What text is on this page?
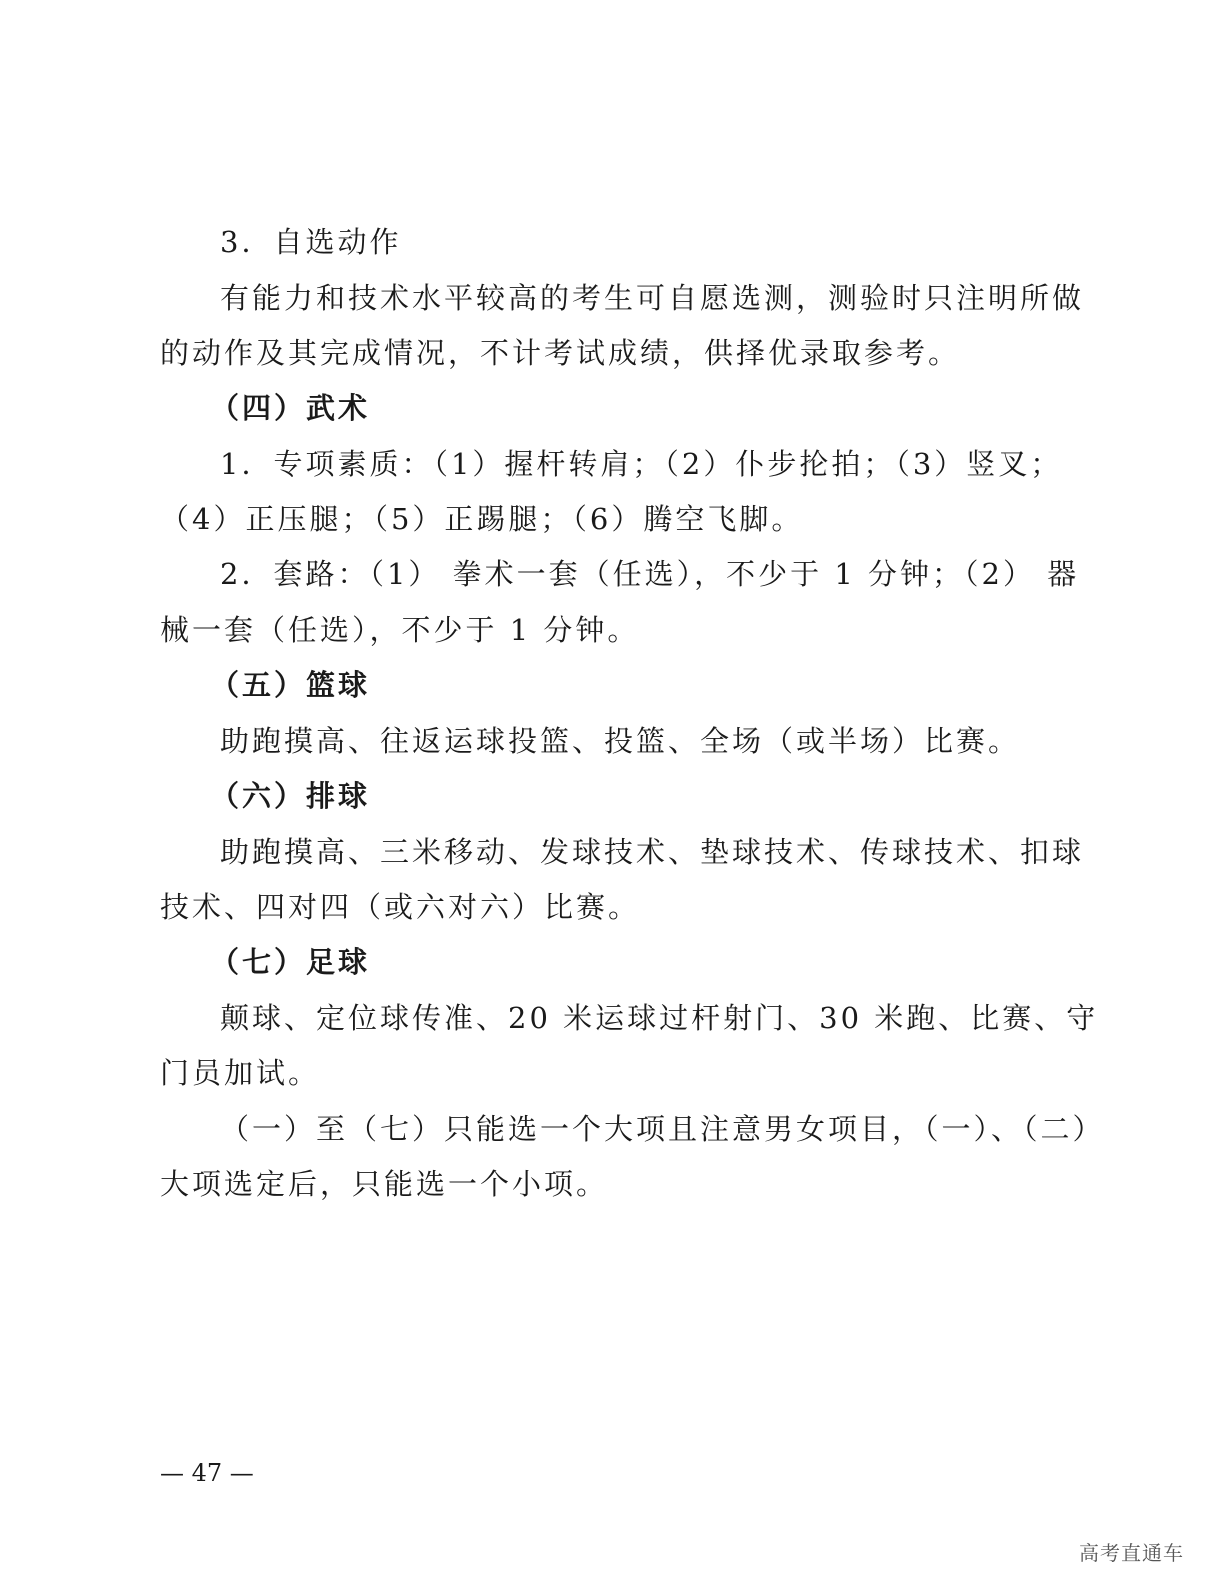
3．自选动作
有能力和技术水平较高的考生可自愿选测，测验时只注明所做
的动作及其完成情况，不计考试成绩，供择优录取参考。
（四）武术
1．专项素质：（1）握杆转肩；（2）仆步抡拍；（3）竖叉；
（4）正压腿；（5）正踢腿；（6）腾空飞脚。
2．套路：（1） 拳术一套（任选），不少于 1 分钟；（2） 器
械一套（任选），不少于 1 分钟。
（五）篮球
助跑摸高、往返运球投篮、投篮、全场（或半场）比赛。
（六）排球
助跑摸高、三米移动、发球技术、垫球技术、传球技术、扣球
技术、四对四（或六对六）比赛。
（七）足球
颠球、定位球传准、20 米运球过杆射门、30 米跑、比赛、守
门员加试。
（一）至（七）只能选一个大项且注意男女项目，（一）、（二）
大项选定后，只能选一个小项。
— 47 —
高考直通车
